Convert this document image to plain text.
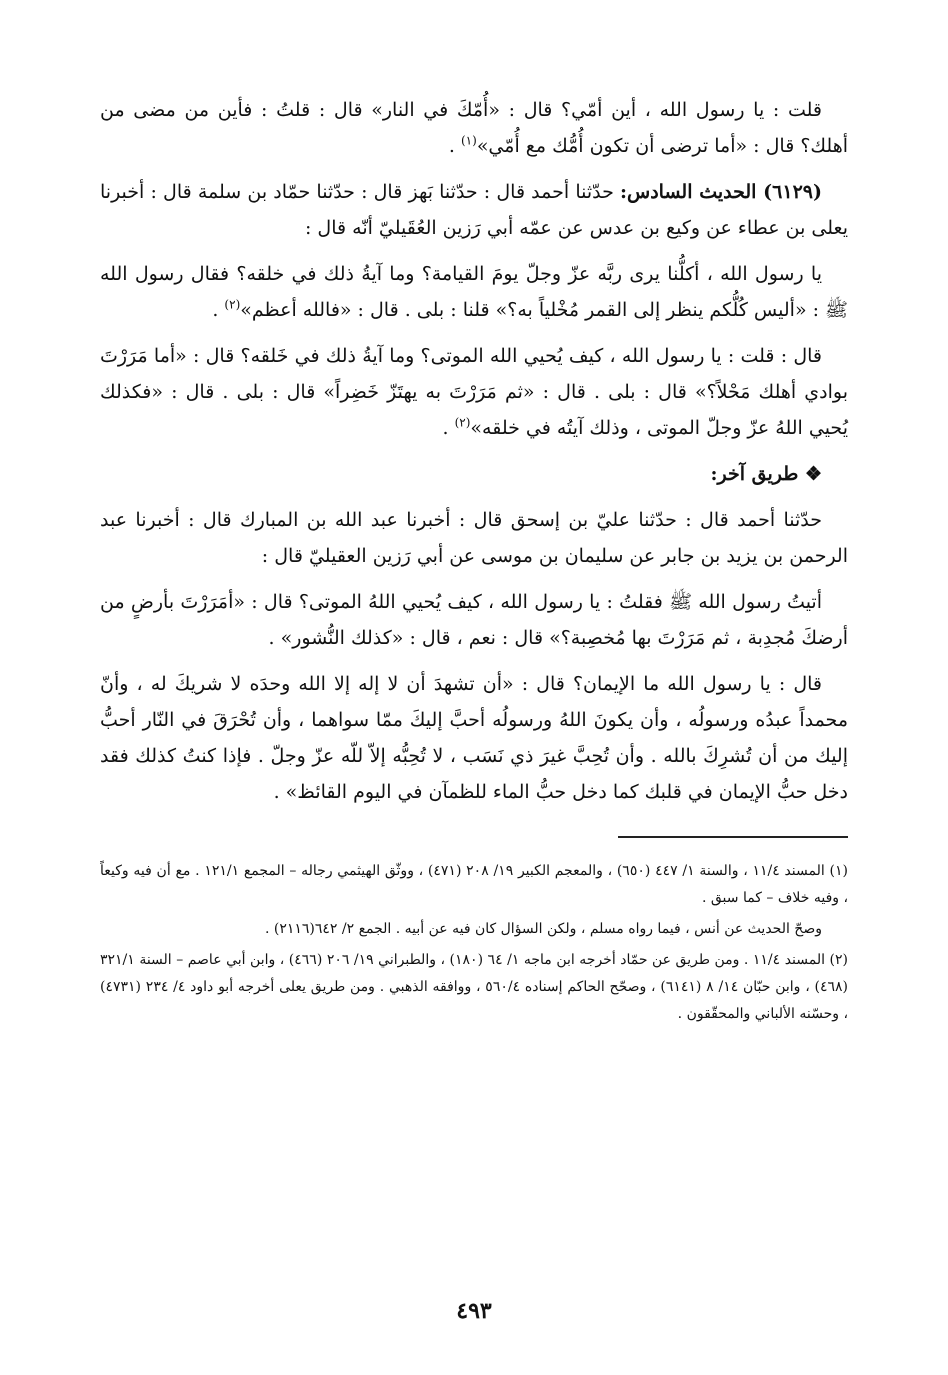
قلت : يا رسول الله ، أين أمّي؟ قال : «أُمّكَ في النار» قال : قلتُ : فأين من مضى من أهلك؟ قال : «أما ترضى أن تكون أُمُّك مع أُمّي»$^{(١)}$ .

(٦١٢٩) الحديث السادس: حدّثنا أحمد قال : حدّثنا بَهز قال : حدّثنا حمّاد بن سلمة قال : أخبرنا يعلى بن عطاء عن وكيع بن عدس عن عمّه أبي رَزين العُقَيليّ أنّه قال :

يا رسول الله ، أكلُّنا يرى ربَّه عزّ وجلّ يومَ القيامة؟ وما آيةُ ذلك في خلقه؟ فقال رسول الله ﷺ : «أليس كُلُّكم ينظر إلى القمر مُخْلياً به؟» قلنا : بلى . قال : «فالله أعظم»$^{(٢)}$ .

قال : قلت : يا رسول الله ، كيف يُحيي الله الموتى؟ وما آيةُ ذلك في خَلقه؟ قال : «أما مَرَرْتَ بوادي أهلك مَحْلاً؟» قال : بلى . قال : «ثم مَرَرْتَ به يهتَزّ خَضِراً» قال : بلى . قال : «فكذلك يُحيي اللهُ عزّ وجلّ الموتى ، وذلك آيتُه في خلقه»$^{(٢)}$ .

❖ طريق آخر:

حدّثنا أحمد قال : حدّثنا عليّ بن إسحق قال : أخبرنا عبد الله بن المبارك قال : أخبرنا عبد الرحمن بن يزيد بن جابر عن سليمان بن موسى عن أبي رَزين العقيليّ قال :

أتيتُ رسول الله ﷺ فقلتُ : يا رسول الله ، كيف يُحيي اللهُ الموتى؟ قال : «أمَرَرْتَ بأرضٍ من أرضكَ مُجدِبة ، ثم مَرَرْتَ بها مُخصِبة؟» قال : نعم ، قال : «كذلك النُّشور» .

قال : يا رسول الله ما الإيمان؟ قال : «أن تشهدَ أن لا إله إلا الله وحدَه لا شريكَ له ، وأنّ محمداً عبدُه ورسولُه ، وأن يكونَ اللهُ ورسولُه أحبَّ إليكَ ممّا سواهما ، وأن تُحْرَقَ في النّار أحبُّ إليك من أن تُشرِكَ بالله . وأن تُحِبَّ غيرَ ذي نَسَب ، لا تُحِبُّه إلاّ للّه عزّ وجلّ . فإذا كنتُ كذلك فقد دخل حبُّ الإيمان في قلبك كما دخل حبُّ الماء للظمآن في اليوم القائظ» .

(١) المسند ١١/٤ ، والسنة ١/ ٤٤٧ (٦٥٠) ، والمعجم الكبير ١٩/ ٢٠٨ (٤٧١) ، ووثّق الهيثمي رجاله – المجمع ١٢١/١ . مع أن فيه وكيعاً ، وفيه خلاف – كما سبق .

وصحّ الحديث عن أنس ، فيما رواه مسلم ، ولكن السؤال كان فيه عن أبيه . الجمع ٢/ ٦٤٢(٢١١٦) .

(٢) المسند ١١/٤ . ومن طريق عن حمّاد أخرجه ابن ماجه ١/ ٦٤ (١٨٠) ، والطبراني ١٩/ ٢٠٦ (٤٦٦) ، وابن أبي عاصم – السنة ٣٢١/١ (٤٦٨) ، وابن حبّان ١٤/ ٨ (٦١٤١) ، وصحّح الحاكم إسناده ٥٦٠/٤ ، ووافقه الذهبي . ومن طريق يعلى أخرجه أبو داود ٤/ ٢٣٤ (٤٧٣١) ، وحسّنه الألباني والمحقّقون .

٤٩٣
